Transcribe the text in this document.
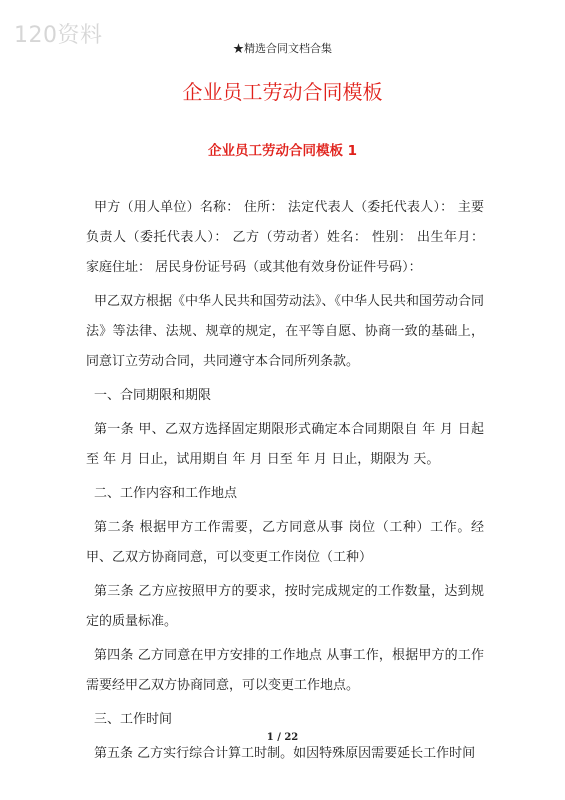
120资料
★精选合同文档合集
企业员工劳动合同模板
企业员工劳动合同模板 1

甲方（用人单位）名称： 住所： 法定代表人（委托代表人）： 主要负责人（委托代表人）： 乙方（劳动者）姓名： 性别： 出生年月： 家庭住址： 居民身份证号码（或其他有效身份证件号码）：

甲乙双方根据《中华人民共和国劳动法》、《中华人民共和国劳动合同法》等法律、法规、规章的规定，在平等自愿、协商一致的基础上，同意订立劳动合同，共同遵守本合同所列条款。

一、合同期限和期限

第一条 甲、乙双方选择固定期限形式确定本合同期限自 年 月 日起至 年 月 日止，试用期自 年 月 日至 年 月 日止，期限为 天。

二、工作内容和工作地点

第二条 根据甲方工作需要，乙方同意从事 岗位（工种）工作。经甲、乙双方协商同意，可以变更工作岗位（工种）

第三条 乙方应按照甲方的要求，按时完成规定的工作数量，达到规定的质量标准。

第四条 乙方同意在甲方安排的工作地点 从事工作，根据甲方的工作需要经甲乙双方协商同意，可以变更工作地点。

三、工作时间

第五条 乙方实行综合计算工时制。如因特殊原因需要延长工作时间

1 / 22
